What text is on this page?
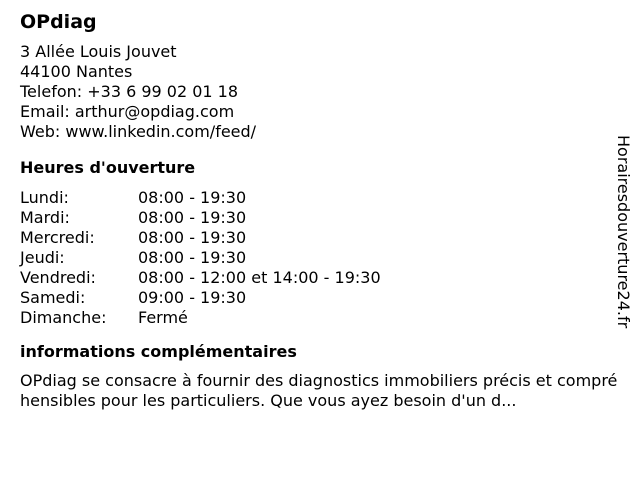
OPdiag
3 Allée Louis Jouvet
44100 Nantes
Telefon: +33 6 99 02 01 18
Email: arthur@opdiag.com
Web: www.linkedin.com/feed/
Heures d'ouverture
Lundi:	08:00 - 19:30
Mardi:	08:00 - 19:30
Mercredi:	08:00 - 19:30
Jeudi:	08:00 - 19:30
Vendredi:	08:00 - 12:00 et 14:00 - 19:30
Samedi:	09:00 - 19:30
Dimanche:	Fermé
informations complémentaires
OPdiag se consacre à fournir des diagnostics immobiliers précis et compréhensibles pour les particuliers. Que vous ayez besoin d'un d...
Horairesdouverture24.fr
